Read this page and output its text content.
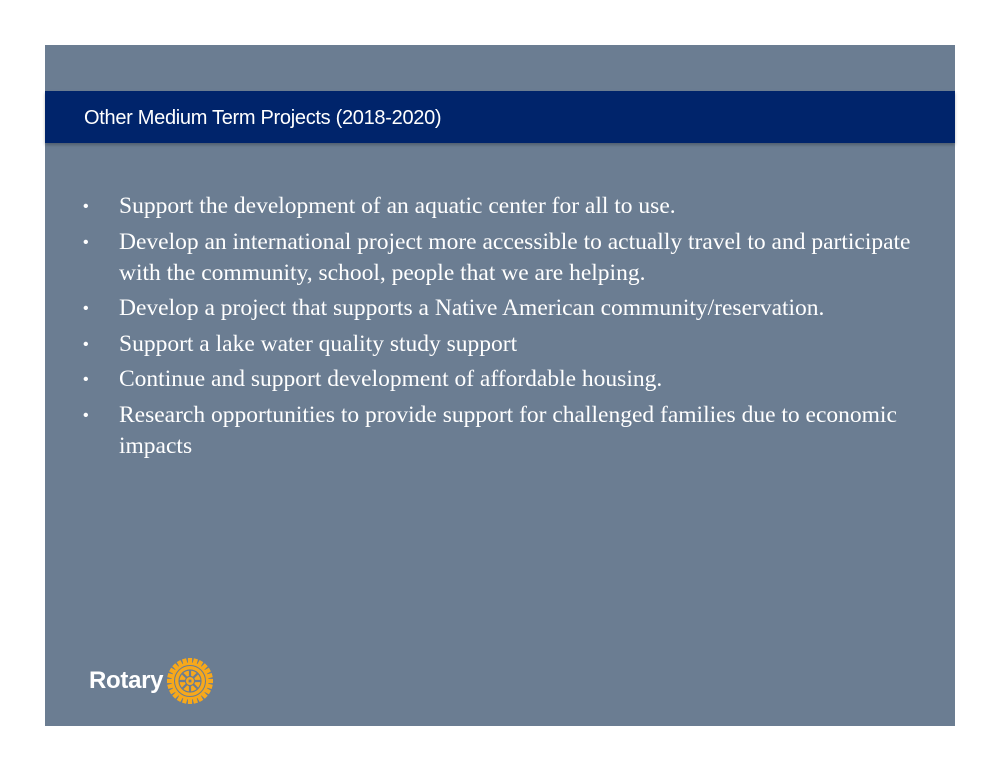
Other Medium Term Projects (2018-2020)
• Support the development of an aquatic center for all to use.
• Develop an international project more accessible to actually travel to and participate with the community, school, people that we are helping.
• Develop a project that supports a Native American community/reservation.
• Support a lake water quality study support
• Continue and support development of affordable housing.
• Research opportunities to provide support for challenged families due to economic impacts
Rotary
